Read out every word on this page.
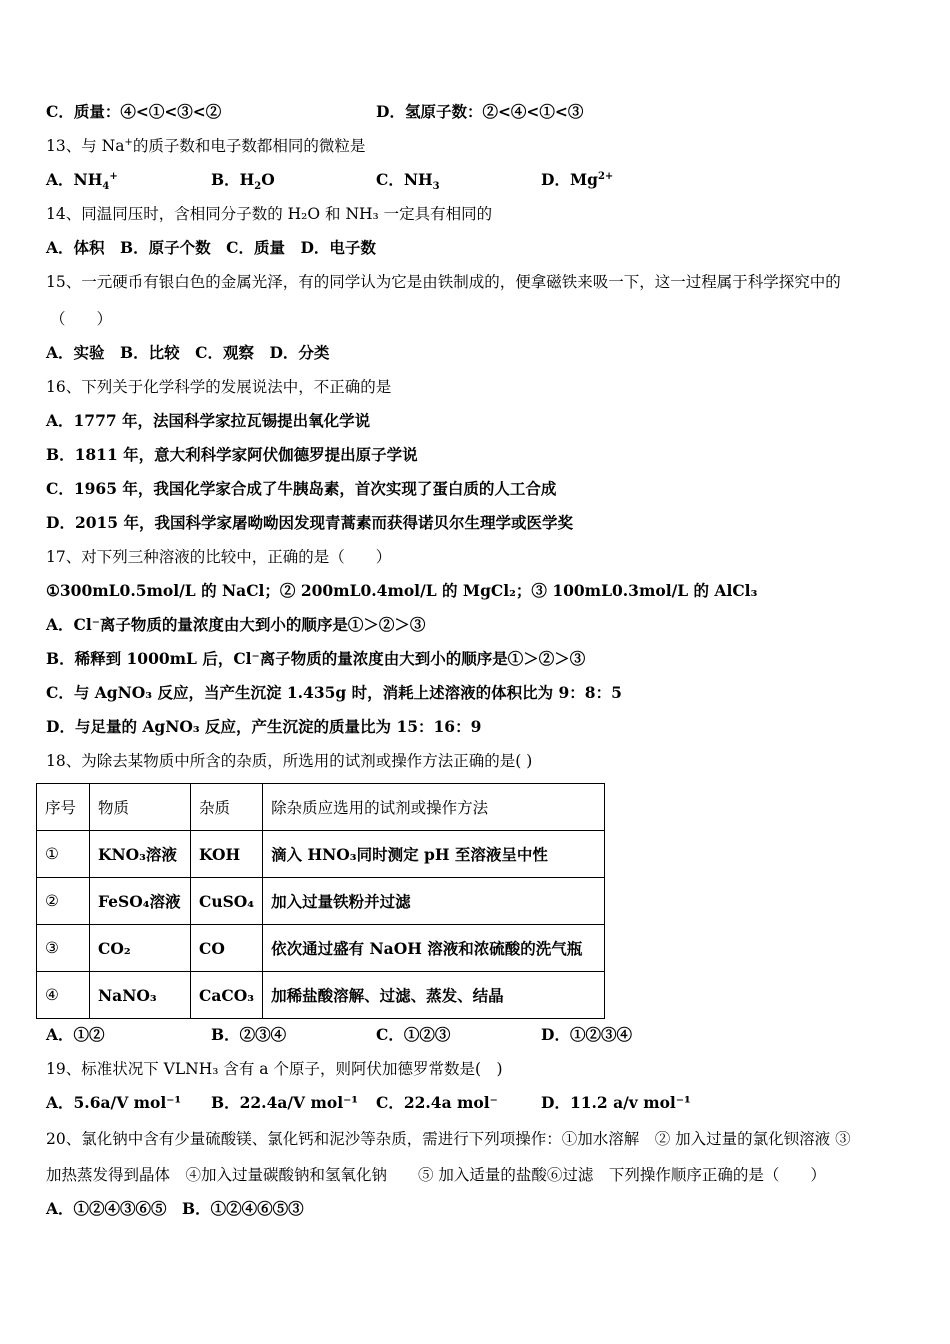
C．质量：④<①<③<②	D．氢原子数：②<④<①<③
13、与 Na+的质子数和电子数都相同的微粒是
A．$NH_4^+$	B．$H_2O$	C．$NH_3$	D．$Mg^{2+}$
14、同温同压时，含相同分子数的 H₂O 和 NH₃ 一定具有相同的
A．体积　B．原子个数　C．质量　D．电子数
15、一元硬币有银白色的金属光泽，有的同学认为它是由铁制成的，便拿磁铁来吸一下，这一过程属于科学探究中的
（　　）
A．实验　B．比较　C．观察　D．分类
16、下列关于化学科学的发展说法中，不正确的是
A．1777 年，法国科学家拉瓦锡提出氧化学说
B．1811 年，意大利科学家阿伏伽德罗提出原子学说
C．1965 年，我国化学家合成了牛胰岛素，首次实现了蛋白质的人工合成
D．2015 年，我国科学家屠呦呦因发现青蒿素而获得诺贝尔生理学或医学奖
17、对下列三种溶液的比较中，正确的是（　　）
①300mL0.5mol/L 的 NaCl；② 200mL0.4mol/L 的 MgCl₂；③ 100mL0.3mol/L 的 AlCl₃
A．Cl⁻离子物质的量浓度由大到小的顺序是①＞②＞③
B．稀释到 1000mL 后，Cl⁻离子物质的量浓度由大到小的顺序是①＞②＞③
C．与 AgNO₃ 反应，当产生沉淀 1.435g 时，消耗上述溶液的体积比为 9：8：5
D．与足量的 AgNO₃ 反应，产生沉淀的质量比为 15：16：9
18、为除去某物质中所含的杂质，所选用的试剂或操作方法正确的是( )
序号	物质	杂质	除杂质应选用的试剂或操作方法
①	KNO₃溶液	KOH	滴入 HNO₃同时测定 pH 至溶液呈中性
②	FeSO₄溶液	CuSO₄	加入过量铁粉并过滤
③	CO₂	CO	依次通过盛有 NaOH 溶液和浓硫酸的洗气瓶
④	NaNO₃	CaCO₃	加稀盐酸溶解、过滤、蒸发、结晶
A．①②	B．②③④	C．①②③	D．①②③④
19、标准状况下 VLNH₃ 含有 a 个原子，则阿伏加德罗常数是(　)
A．5.6a/V mol⁻¹ B．22.4a/V mol⁻¹ C．22.4a mol⁻	D．11.2 a/v mol⁻¹
20、氯化钠中含有少量硫酸镁、氯化钙和泥沙等杂质，需进行下列项操作：①加水溶解　② 加入过量的氯化钡溶液 ③
加热蒸发得到晶体　④加入过量碳酸钠和氢氧化钠　　⑤ 加入适量的盐酸⑥过滤　下列操作顺序正确的是（　　）
A．①②④③⑥⑤　B．①②④⑥⑤③
